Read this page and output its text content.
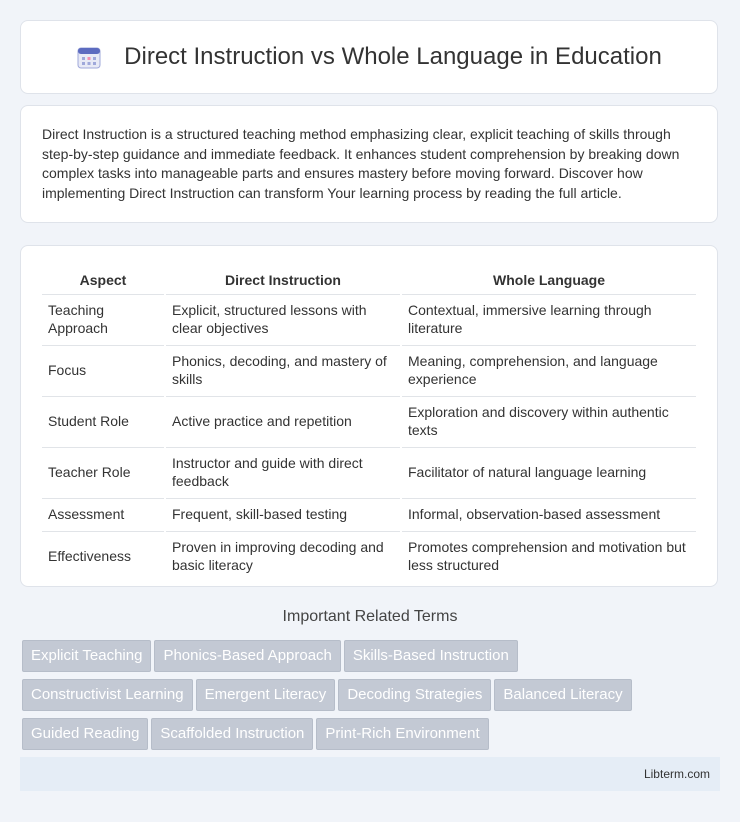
Direct Instruction vs Whole Language in Education

Direct Instruction is a structured teaching method emphasizing clear, explicit teaching of skills through step-by-step guidance and immediate feedback. It enhances student comprehension by breaking down complex tasks into manageable parts and ensures mastery before moving forward. Discover how implementing Direct Instruction can transform Your learning process by reading the full article.

Aspect	Direct Instruction	Whole Language
Teaching Approach	Explicit, structured lessons with clear objectives	Contextual, immersive learning through literature
Focus	Phonics, decoding, and mastery of skills	Meaning, comprehension, and language experience
Student Role	Active practice and repetition	Exploration and discovery within authentic texts
Teacher Role	Instructor and guide with direct feedback	Facilitator of natural language learning
Assessment	Frequent, skill-based testing	Informal, observation-based assessment
Effectiveness	Proven in improving decoding and basic literacy	Promotes comprehension and motivation but less structured
Important Related Terms
Explicit Teaching Phonics-Based Approach Skills-Based Instruction
Constructivist Learning Emergent Literacy Decoding Strategies Balanced Literacy
Guided Reading Scaffolded Instruction Print-Rich Environment
Libterm.com
